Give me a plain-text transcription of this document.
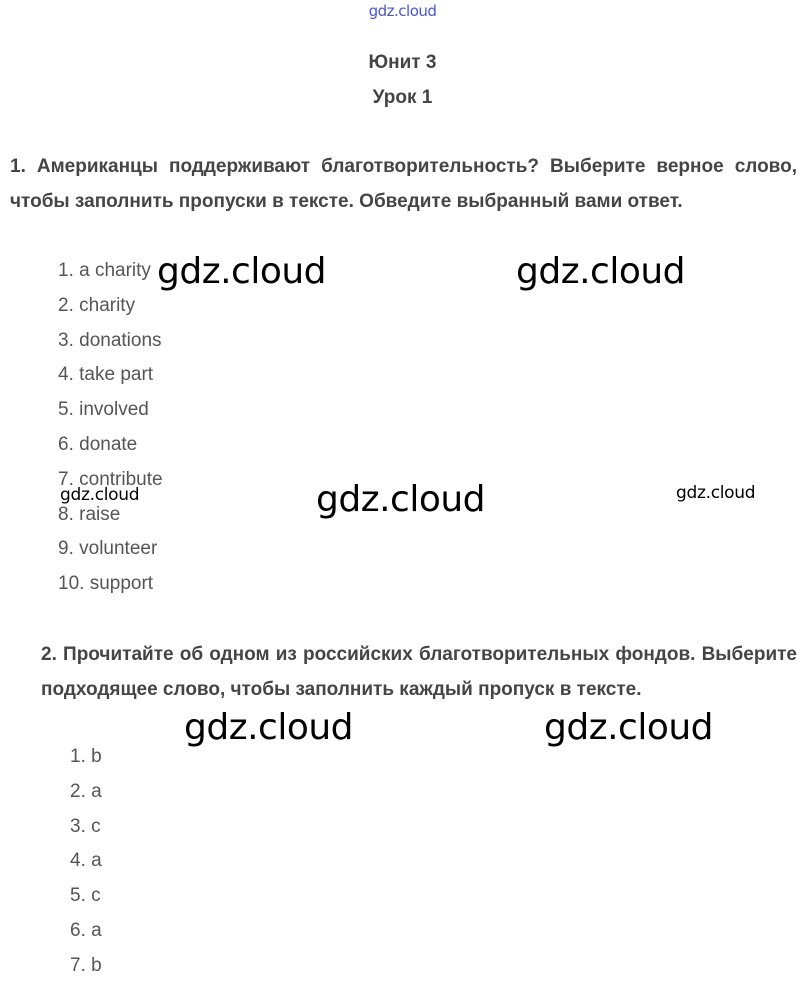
gdz.cloud
Юнит 3
Урок 1

1. Американцы поддерживают благотворительность? Выберите верное слово, чтобы заполнить пропуски в тексте. Обведите выбранный вами ответ.

1. a charity
2. charity
3. donations
4. take part
5. involved
6. donate
7. contribute
8. raise
9. volunteer
10. support

2. Прочитайте об одном из российских благотворительных фондов. Выберите подходящее слово, чтобы заполнить каждый пропуск в тексте.

1. b
2. a
3. c
4. a
5. c
6. a
7. b
gdz.cloud	gdz.cloud
gdz.cloud
gdz.cloud	gdz.cloud
gdz.cloud	gdz.cloud
